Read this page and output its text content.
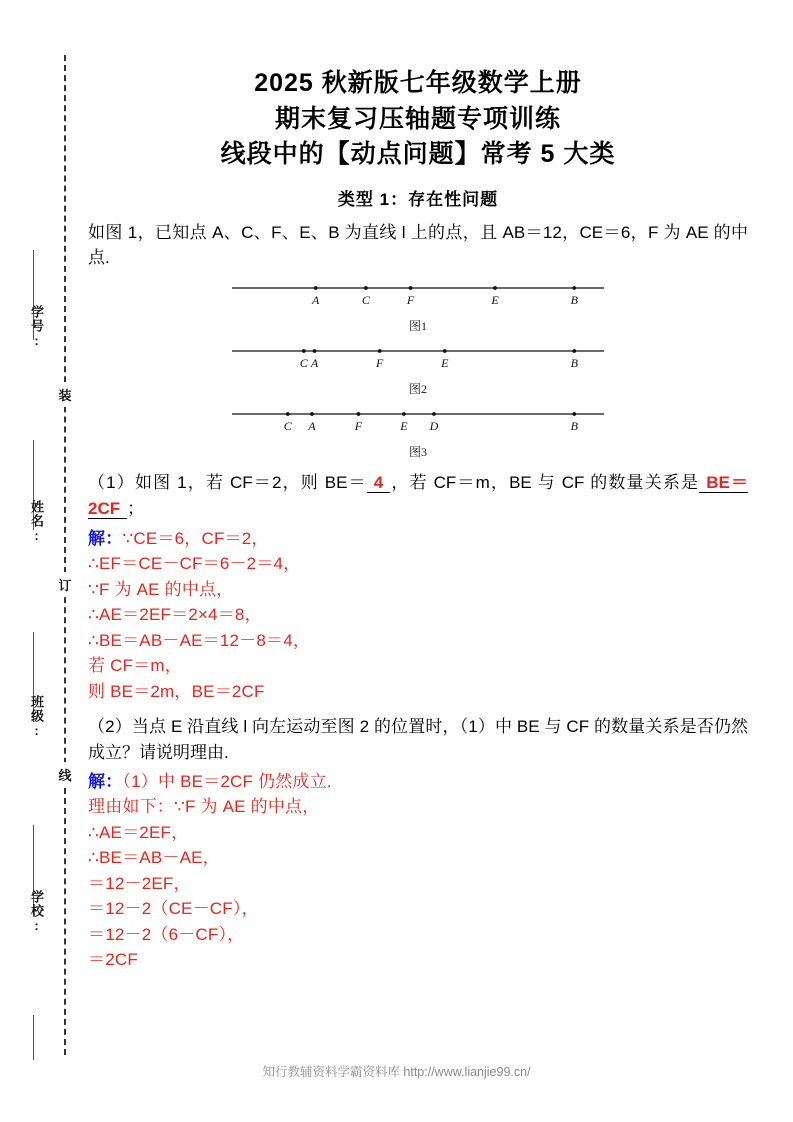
学号:
姓名:
班级:
学校:
装
订
线
2025 秋新版七年级数学上册
期末复习压轴题专项训练
线段中的【动点问题】常考 5 大类
类型 1：存在性问题
如图 1，已知点 A、C、F、E、B 为直线 l 上的点，且 AB＝12，CE＝6，F 为 AE 的中点.
A	C	F	E	B
图1
C A	F	E	B
图2
C A	F	E D	B
图3
（1）如图 1，若 CF＝2，则 BE＝ 4 ，若 CF＝m，BE 与 CF 的数量关系是 BE＝2CF ；
解：∵CE＝6，CF＝2，
∴EF＝CE－CF＝6－2＝4，
∵F 为 AE 的中点，
∴AE＝2EF＝2×4＝8，
∴BE＝AB－AE＝12－8＝4，
若 CF＝m，
则 BE＝2m，BE＝2CF
（2）当点 E 沿直线 l 向左运动至图 2 的位置时，（1）中 BE 与 CF 的数量关系是否仍然成立？请说明理由.
解：（1）中 BE＝2CF 仍然成立.
理由如下：∵F 为 AE 的中点，
∴AE＝2EF，
∴BE＝AB－AE，
＝12－2EF，
＝12－2（CE－CF），
＝12－2（6－CF），
＝2CF
知行教辅资料学霸资料库 http://www.lianjie99.cn/
